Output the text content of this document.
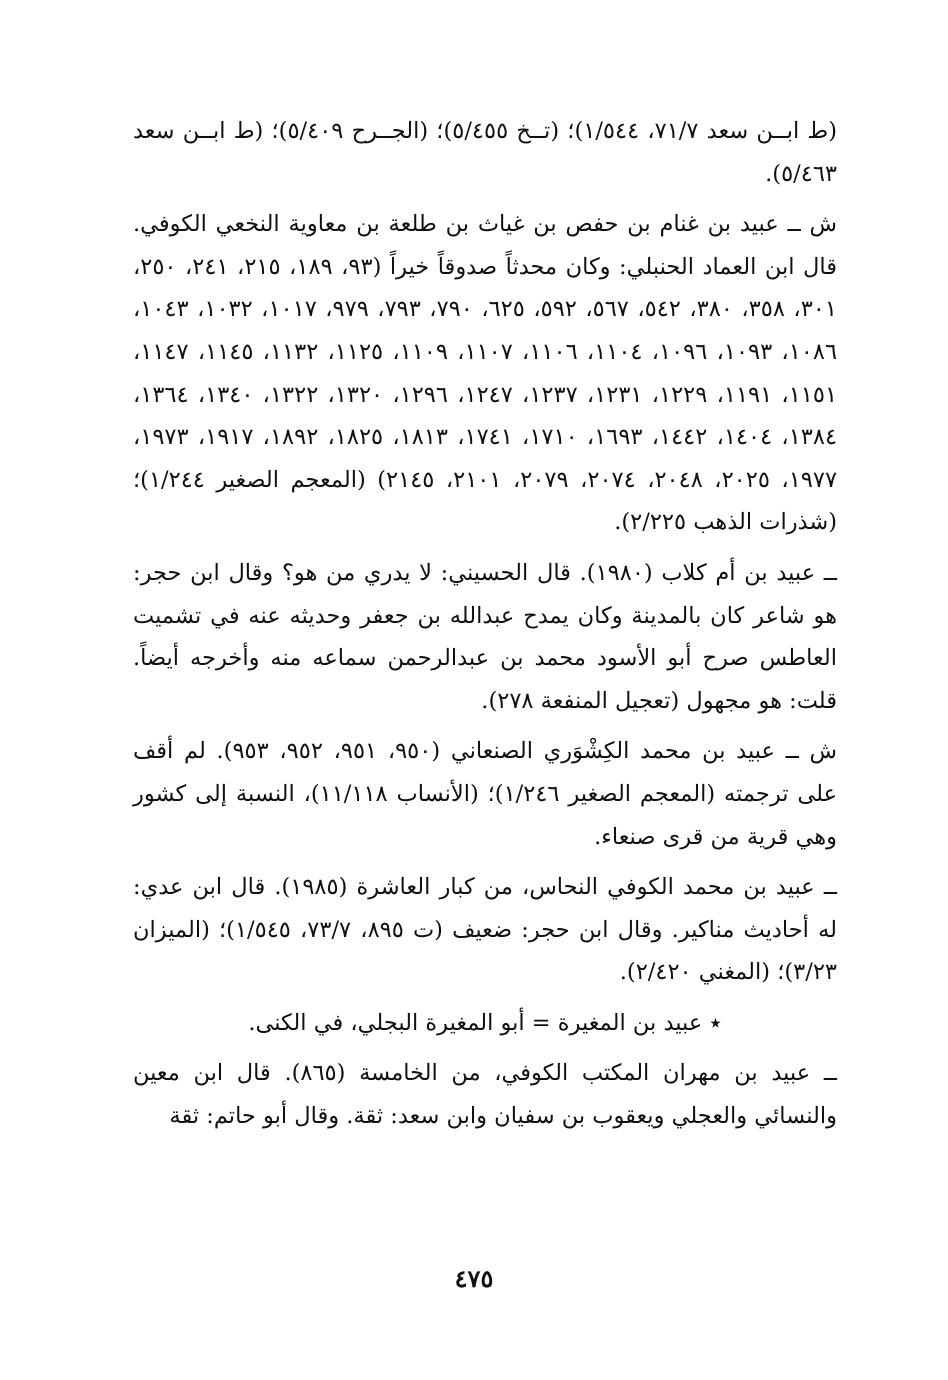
(ط ابــن سعد ٧١/٧، ١/٥٤٤)؛ (تــخ ٥/٤٥٥)؛ (الجــرح ٥/٤٠٩)؛ (ط ابــن سعد ٥/٤٦٣).

ش ــ عبيد بن غنام بن حفص بن غياث بن طلعة بن معاوية النخعي الكوفي. قال ابن العماد الحنبلي: وكان محدثاً صدوقاً خيراً (٩٣، ١٨٩، ٢١٥، ٢٤١، ٢٥٠، ٣٠١، ٣٥٨، ٣٨٠، ٥٤٢، ٥٦٧، ٥٩٢، ٦٢٥، ٧٩٠، ٧٩٣، ٩٧٩، ١٠١٧، ١٠٣٢، ١٠٤٣، ١٠٨٦، ١٠٩٣، ١٠٩٦، ١١٠٤، ١١٠٦، ١١٠٧، ١١٠٩، ١١٢٥، ١١٣٢، ١١٤٥، ١١٤٧، ١١٥١، ١١٩١، ١٢٢٩، ١٢٣١، ١٢٣٧، ١٢٤٧، ١٢٩٦، ١٣٢٠، ١٣٢٢، ١٣٤٠، ١٣٦٤، ١٣٨٤، ١٤٠٤، ١٤٤٢، ١٦٩٣، ١٧١٠، ١٧٤١، ١٨١٣، ١٨٢٥، ١٨٩٢، ١٩١٧، ١٩٧٣، ١٩٧٧، ٢٠٢٥، ٢٠٤٨، ٢٠٧٤، ٢٠٧٩، ٢١٠١، ٢١٤٥) (المعجم الصغير ١/٢٤٤)؛ (شذرات الذهب ٢/٢٢٥).

ــ عبيد بن أم كلاب (١٩٨٠). قال الحسيني: لا يدري من هو؟ وقال ابن حجر: هو شاعر كان بالمدينة وكان يمدح عبدالله بن جعفر وحديثه عنه في تشميت العاطس صرح أبو الأسود محمد بن عبدالرحمن سماعه منه وأخرجه أيضاً. قلت: هو مجهول (تعجيل المنفعة ٢٧٨).

ش ــ عبيد بن محمد الكِشْوَري الصنعاني (٩٥٠، ٩٥١، ٩٥٢، ٩٥٣). لم أقف على ترجمته (المعجم الصغير ١/٢٤٦)؛ (الأنساب ١١/١١٨)، النسبة إلى كشور وهي قرية من قرى صنعاء.

ــ عبيد بن محمد الكوفي النحاس، من كبار العاشرة (١٩٨٥). قال ابن عدي: له أحاديث مناكير. وقال ابن حجر: ضعيف (ت ٨٩٥، ٧٣/٧، ١/٥٤٥)؛ (الميزان ٣/٢٣)؛ (المغني ٢/٤٢٠).

٭ عبيد بن المغيرة = أبو المغيرة البجلي، في الكنى.

ــ عبيد بن مهران المكتب الكوفي، من الخامسة (٨٦٥). قال ابن معين والنسائي والعجلي ويعقوب بن سفيان وابن سعد: ثقة. وقال أبو حاتم: ثقة

٤٧٥
